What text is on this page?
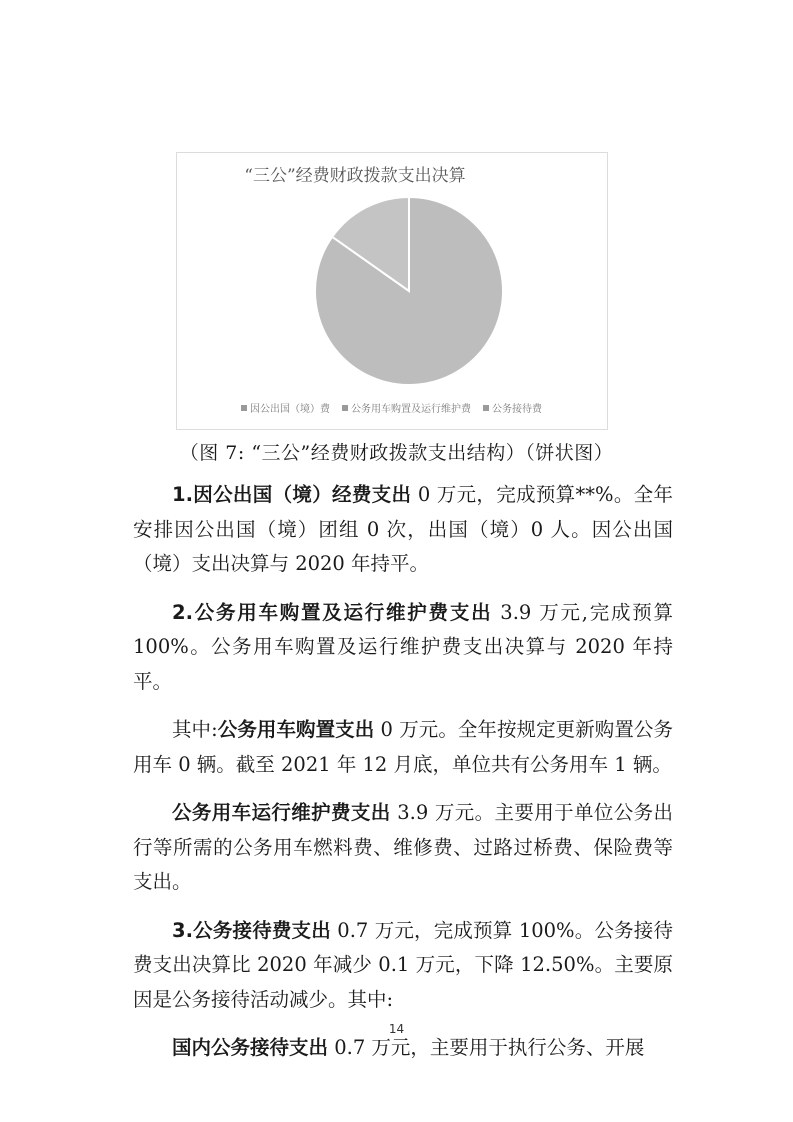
“三公”经费财政拨款支出决算
因公出国（境）费 公务用车购置及运行维护费 公务接待费
（图 7: “三公”经费财政拨款支出结构）（饼状图）

1.因公出国（境）经费支出 0 万元，完成预算**%。全年安排因公出国（境）团组 0 次，出国（境）0 人。因公出国（境）支出决算与 2020 年持平。

2.公务用车购置及运行维护费支出 3.9 万元,完成预算 100%。公务用车购置及运行维护费支出决算与 2020 年持平。

其中:公务用车购置支出 0 万元。全年按规定更新购置公务用车 0 辆。截至 2021 年 12 月底，单位共有公务用车 1 辆。

公务用车运行维护费支出 3.9 万元。主要用于单位公务出行等所需的公务用车燃料费、维修费、过路过桥费、保险费等支出。

3.公务接待费支出 0.7 万元，完成预算 100%。公务接待费支出决算比 2020 年减少 0.1 万元，下降 12.50%。主要原因是公务接待活动减少。其中:

国内公务接待支出 0.7 万元，主要用于执行公务、开展

14
